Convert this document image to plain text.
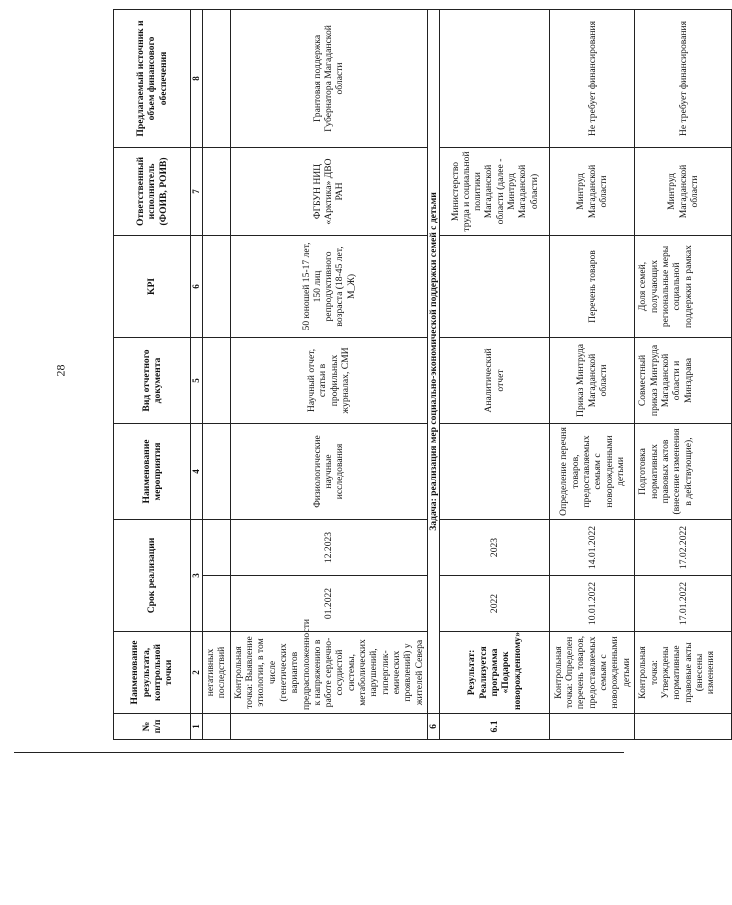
28
№ п/п	Наименование результата, контрольной точки	Срок реализации		Наименование мероприятия	Вид отчетного документа	KPI	Ответственный исполнитель (ФОИВ, РОИВ)	Предлагаемый источник и объем финансового обеспечения
1	2	3		4	5	6	7	8
	негативных последствий							
	Контрольная точка: Выявление этиологии, в том числе (генетических вариантов предрасположенности к напряжению в работе сердечно-сосудистой системы, метаболических нарушений, гипергликемических проявлений) у жителей Севера	01.2022	12.2023	Физиологические научные исследования	Научный отчет, статьи в профильных журналах, СМИ	50 юношей 15-17 лет, 150 лиц репродуктивного возраста (18-45 лет, М_Ж)	ФГБУН НИЦ «Арктика» ДВО РАН	Грантовая поддержка Губернатора Магаданской области
6	Задача: реализация мер социально-экономической поддержки семей с детьми							
6.1	Результат: Реализуется программа «Подарок новорожденному»	2022	2023		Аналитический отчет		Министерство труда и социальной политики Магаданской области (далее - Минтруд Магаданской области)	
	Контрольная точка: Определен перечень товаров, предоставляемых семьям с новорожденными детьми	10.01.2022	14.01.2022	Определение перечня товаров, предоставляемых семьям с новорожденными детьми	Приказ Минтруда Магаданской области	Перечень товаров	Минтруд Магаданской области	Не требует финансирования
	Контрольная точка: Утверждены нормативные правовые акты (внесены изменения	17.01.2022	17.02.2022	Подготовка нормативных правовых актов (внесение изменения в действующие),	Совместный приказ Минтруда Магаданской области и Минздрава	Доля семей, получающих региональные меры социальной поддержки в рамках	Минтруд Магаданской области	Не требует финансирования
